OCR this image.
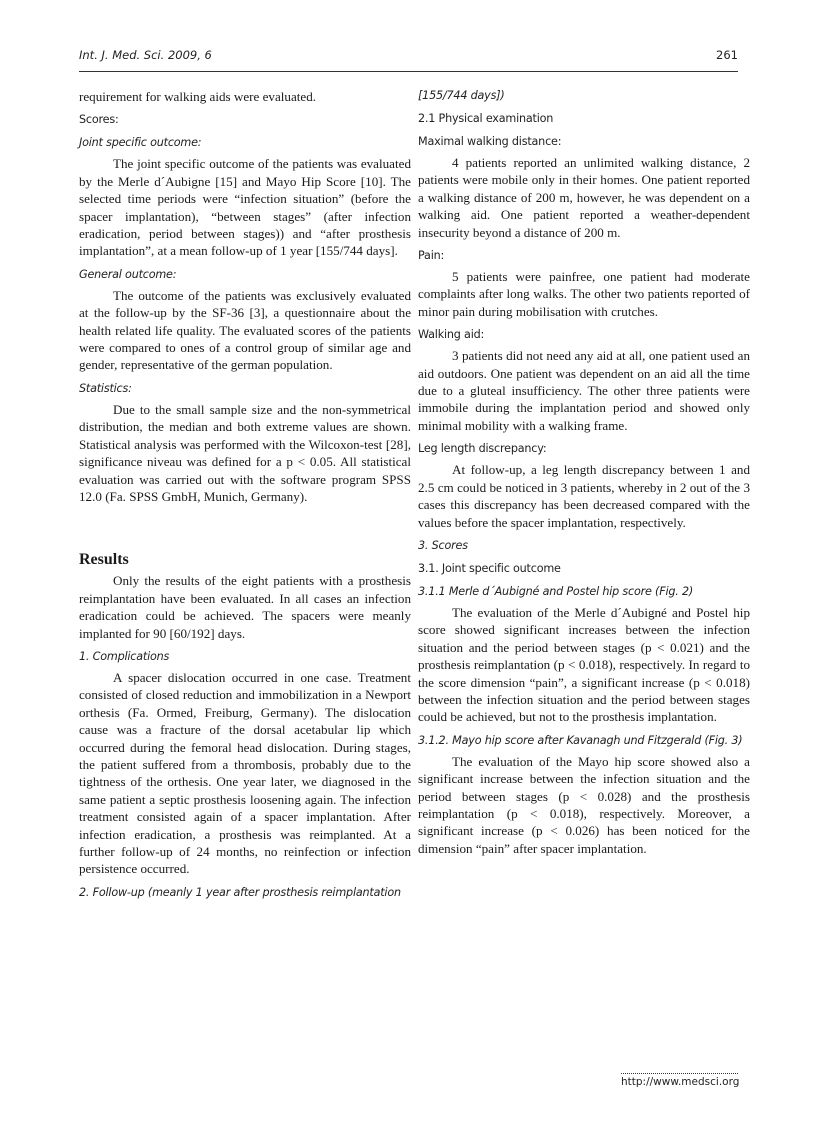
Int. J. Med. Sci. 2009, 6	261

requirement for walking aids were evaluated.

Scores:
Joint specific outcome:

The joint specific outcome of the patients was evaluated by the Merle d´Aubigne [15] and Mayo Hip Score [10]. The selected time periods were “infection situation” (before the spacer implantation), “between stages” (after infection eradication, period between stages)) and “after prosthesis implantation”, at a mean follow-up of 1 year [155/744 days].

General outcome:

The outcome of the patients was exclusively evaluated at the follow-up by the SF-36 [3], a questionnaire about the health related life quality. The evaluated scores of the patients were compared to ones of a control group of similar age and gender, representative of the german population.

Statistics:

Due to the small sample size and the non-symmetrical distribution, the median and both extreme values are shown. Statistical analysis was performed with the Wilcoxon-test [28], significance niveau was defined for a p < 0.05. All statistical evaluation was carried out with the software program SPSS 12.0 (Fa. SPSS GmbH, Munich, Germany).

Results

Only the results of the eight patients with a prosthesis reimplantation have been evaluated. In all cases an infection eradication could be achieved. The spacers were meanly implanted for 90 [60/192] days.

1. Complications

A spacer dislocation occurred in one case. Treatment consisted of closed reduction and immobilization in a Newport orthesis (Fa. Ormed, Freiburg, Germany). The dislocation cause was a fracture of the dorsal acetabular lip which occurred during the femoral head dislocation. During stages, the patient suffered from a thrombosis, probably due to the tightness of the orthesis. One year later, we diagnosed in the same patient a septic prosthesis loosening again. The infection treatment consisted again of a spacer implantation. After infection eradication, a prosthesis was reimplanted. At a further follow-up of 24 months, no reinfection or infection persistence occurred.

2. Follow-up (meanly 1 year after prosthesis reimplantation
[155/744 days])
2.1 Physical examination
Maximal walking distance:

4 patients reported an unlimited walking distance, 2 patients were mobile only in their homes. One patient reported a walking distance of 200 m, however, he was dependent on a walking aid. One patient reported a weather-dependent insecurity beyond a distance of 200 m.

Pain:

5 patients were painfree, one patient had moderate complaints after long walks. The other two patients reported of minor pain during mobilisation with crutches.

Walking aid:

3 patients did not need any aid at all, one patient used an aid outdoors. One patient was dependent on an aid all the time due to a gluteal insufficiency. The other three patients were immobile during the implantation period and showed only minimal mobility with a walking frame.

Leg length discrepancy:

At follow-up, a leg length discrepancy between 1 and 2.5 cm could be noticed in 3 patients, whereby in 2 out of the 3 cases this discrepancy has been decreased compared with the values before the spacer implantation, respectively.

3. Scores
3.1. Joint specific outcome
3.1.1 Merle d´Aubigné and Postel hip score (Fig. 2)

The evaluation of the Merle d´Aubigné and Postel hip score showed significant increases between the infection situation and the period between stages (p < 0.021) and the prosthesis reimplantation (p < 0.018), respectively. In regard to the score dimension “pain”, a significant increase (p < 0.018) between the infection situation and the period between stages could be achieved, but not to the prosthesis implantation.

3.1.2. Mayo hip score after Kavanagh und Fitzgerald (Fig. 3)

The evaluation of the Mayo hip score showed also a significant increase between the infection situation and the period between stages (p < 0.028) and the prosthesis reimplantation (p < 0.018), respectively. Moreover, a significant increase (p < 0.026) has been noticed for the dimension “pain” after spacer implantation.

http://www.medsci.org
